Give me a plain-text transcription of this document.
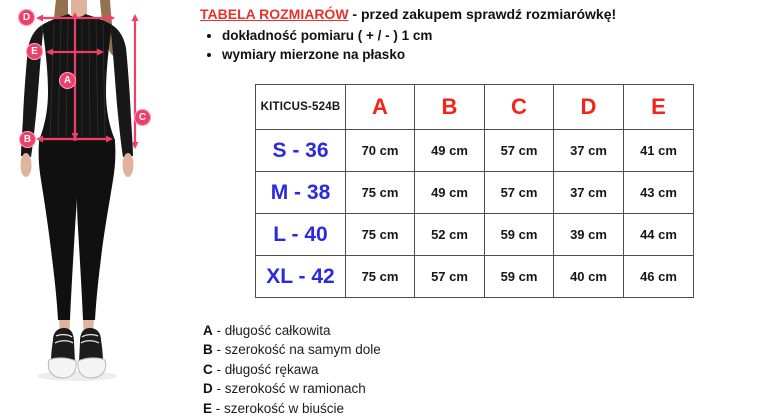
D
E
A
B
C
TABELA ROZMIARÓW - przed zakupem sprawdź rozmiarówkę!
• dokładność pomiaru ( + / - ) 1 cm
• wymiary mierzone na płasko
KITICUS-524B	A	B	C	D	E
S - 36	70 cm	49 cm	57 cm	37 cm	41 cm
M - 38	75 cm	49 cm	57 cm	37 cm	43 cm
L - 40	75 cm	52 cm	59 cm	39 cm	44 cm
XL - 42	75 cm	57 cm	59 cm	40 cm	46 cm
A - długość całkowita
B - szerokość na samym dole
C - długość rękawa
D - szerokość w ramionach
E - szerokość w biuście
